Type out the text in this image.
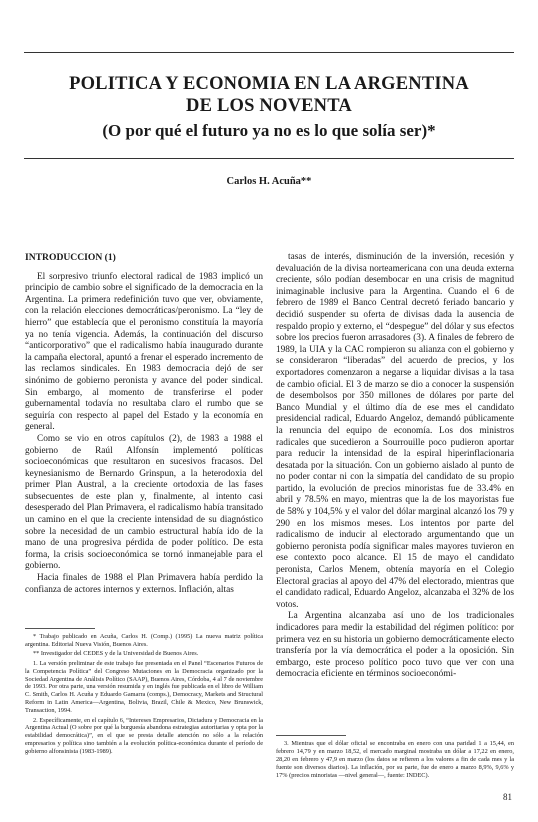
POLITICA Y ECONOMIA EN LA ARGENTINA
DE LOS NOVENTA
(O por qué el futuro ya no es lo que solía ser)*
Carlos H. Acuña**

INTRODUCCION (1)

El sorpresivo triunfo electoral radical de 1983 implicó un principio de cambio sobre el significado de la democracia en la Argentina. La primera redefinición tuvo que ver, obviamente, con la relación elecciones democráticas/peronismo. La “ley de hierro” que establecía que el peronismo constituía la mayoría ya no tenía vigencia. Además, la continuación del discurso “anticorporativo” que el radicalismo había inaugurado durante la campaña electoral, apuntó a frenar el esperado incremento de las reclamos sindicales. En 1983 democracia dejó de ser sinónimo de gobierno peronista y avance del poder sindical. Sin embargo, al momento de transferirse el poder gubernamental todavía no resultaba claro el rumbo que se seguiría con respecto al papel del Estado y la economía en general.

Como se vio en otros capítulos (2), de 1983 a 1988 el gobierno de Raúl Alfonsín implementó políticas socioeconómicas que resultaron en sucesivos fracasos. Del keynesianismo de Bernardo Grinspun, a la heterodoxia del primer Plan Austral, a la creciente ortodoxia de las fases subsecuentes de este plan y, finalmente, al intento casi desesperado del Plan Primavera, el radicalismo había transitado un camino en el que la creciente intensidad de su diagnóstico sobre la necesidad de un cambio estructural había ido de la mano de una progresiva pérdida de poder político. De esta forma, la crisis socioeconómica se tornó inmanejable para el gobierno.

Hacia finales de 1988 el Plan Primavera había perdido la confianza de actores internos y externos. Inflación, altas

* Trabajo publicado en Acuña, Carlos H. (Comp.) (1995) La nueva matriz política argentina. Editorial Nueva Visión, Buenos Aires.

** Investigador del CEDES y de la Universidad de Buenos Aires.

1. La versión preliminar de este trabajo fue presentada en el Panel “Escenarios Futuros de la Competencia Política” del Congreso Mutaciones en la Democracia organizado por la Sociedad Argentina de Análisis Político (SAAP), Buenos Aires, Córdoba, 4 al 7 de noviembre de 1993. Por otra parte, una versión resumida y en inglés fue publicada en el libro de William C. Smith, Carlos H. Acuña y Eduardo Gamarra (comps.), Democracy, Markets and Structural Reform in Latin America—Argentina, Bolivia, Brazil, Chile & Mexico, New Brunswick, Transaction, 1994.

2. Específicamente, en el capítulo 6, “Intereses Empresarios, Dictadura y Democracia en la Argentina Actual (O sobre por qué la burguesía abandona estrategias autoritarias y opta por la estabilidad democrática)”, en el que se presta detalle atención no sólo a la relación empresarios y política sino también a la evolución política-económica durante el período de gobierno alfonsinista (1983-1989).

tasas de interés, disminución de la inversión, recesión y devaluación de la divisa norteamericana con una deuda externa creciente, sólo podían desembocar en una crisis de magnitud inimaginable inclusive para la Argentina. Cuando el 6 de febrero de 1989 el Banco Central decretó feriado bancario y decidió suspender su oferta de divisas dada la ausencia de respaldo propio y externo, el “despegue” del dólar y sus efectos sobre los precios fueron arrasadores (3). A finales de febrero de 1989, la UIA y la CAC rompieron su alianza con el gobierno y se consideraron “liberadas” del acuerdo de precios, y los exportadores comenzaron a negarse a liquidar divisas a la tasa de cambio oficial. El 3 de marzo se dio a conocer la suspensión de desembolsos por 350 millones de dólares por parte del Banco Mundial y el último día de ese mes el candidato presidencial radical, Eduardo Angeloz, demandó públicamente la renuncia del equipo de economía. Los dos ministros radicales que sucedieron a Sourrouille poco pudieron aportar para reducir la intensidad de la espiral hiperinflacionaria desatada por la situación. Con un gobierno aislado al punto de no poder contar ni con la simpatía del candidato de su propio partido, la evolución de precios minoristas fue de 33.4% en abril y 78.5% en mayo, mientras que la de los mayoristas fue de 58% y 104,5% y el valor del dólar marginal alcanzó los 79 y 290 en los mismos meses. Los intentos por parte del radicalismo de inducir al electorado argumentando que un gobierno peronista podía significar males mayores tuvieron en ese contexto poco alcance. El 15 de mayo el candidato peronista, Carlos Menem, obtenía mayoría en el Colegio Electoral gracias al apoyo del 47% del electorado, mientras que el candidato radical, Eduardo Angeloz, alcanzaba el 32% de los votos.

La Argentina alcanzaba así uno de los tradicionales indicadores para medir la estabilidad del régimen político: por primera vez en su historia un gobierno democráticamente electo transfería por la vía democrática el poder a la oposición. Sin embargo, este proceso político poco tuvo que ver con una democracia eficiente en términos socioeconómi-

3. Mientras que el dólar oficial se encontraba en enero con una paridad 1 a 15,44, en febrero 14,79 y en marzo 18,52, el mercado marginal mostraba un dólar a 17,22 en enero, 28,20 en febrero y 47,9 en marzo (los datos se refieren a los valores a fin de cada mes y la fuente son diversos diarios). La inflación, por su parte, fue de enero a marzo 8,9%, 9,6% y 17% (precios minoristas —nivel general—, fuente: INDEC).

81
